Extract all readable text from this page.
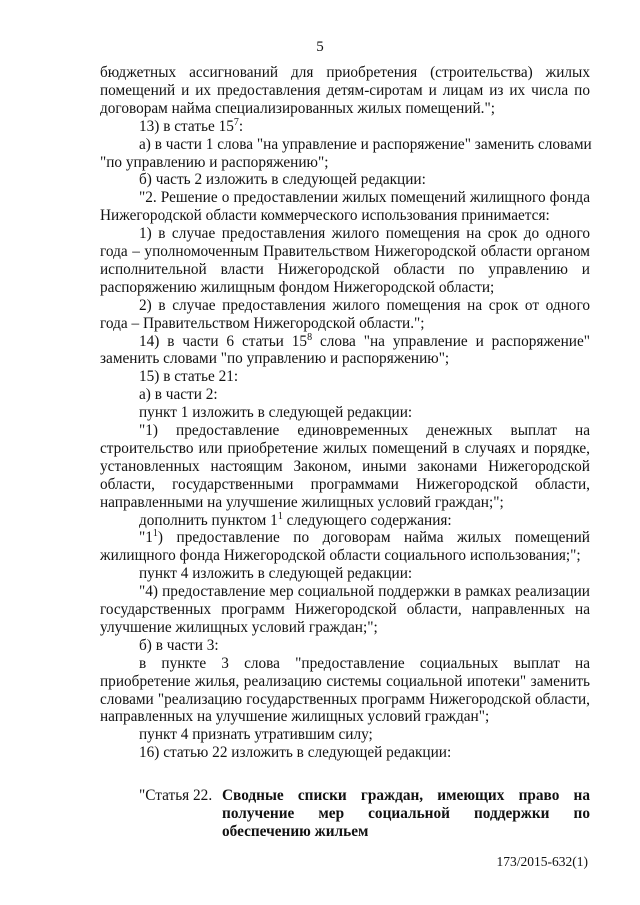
5
бюджетных ассигнований для приобретения (строительства) жилых
помещений и их предоставления детям-сиротам и лицам из их числа по
договорам найма специализированных жилых помещений.";
13) в статье $15^7$:
а) в части 1 слова "на управление и распоряжение" заменить словами
"по управлению и распоряжению";
б) часть 2 изложить в следующей редакции:
"2. Решение о предоставлении жилых помещений жилищного фонда
Нижегородской области коммерческого использования принимается:
1) в случае предоставления жилого помещения на срок до одного
года – уполномоченным Правительством Нижегородской области органом
исполнительной власти Нижегородской области по управлению и
распоряжению жилищным фондом Нижегородской области;
2) в случае предоставления жилого помещения на срок от одного
года – Правительством Нижегородской области.";
14) в части 6 статьи $15^8$ слова "на управление и распоряжение"
заменить словами "по управлению и распоряжению";
15) в статье 21:
а) в части 2:
пункт 1 изложить в следующей редакции:
"1) предоставление единовременных денежных выплат на
строительство или приобретение жилых помещений в случаях и порядке,
установленных настоящим Законом, иными законами Нижегородской
области, государственными программами Нижегородской области,
направленными на улучшение жилищных условий граждан;";
дополнить пунктом $1^1$ следующего содержания:
"$1^1$) предоставление по договорам найма жилых помещений
жилищного фонда Нижегородской области социального использования;";
пункт 4 изложить в следующей редакции:
"4) предоставление мер социальной поддержки в рамках реализации
государственных программ Нижегородской области, направленных на
улучшение жилищных условий граждан;";
б) в части 3:
в пункте 3 слова "предоставление социальных выплат на
приобретение жилья, реализацию системы социальной ипотеки" заменить
словами "реализацию государственных программ Нижегородской области,
направленных на улучшение жилищных условий граждан";
пункт 4 признать утратившим силу;
16) статью 22 изложить в следующей редакции:
"Статья 22. Сводные списки граждан, имеющих право на
получение мер социальной поддержки по
обеспечению жильем
173/2015-632(1)
